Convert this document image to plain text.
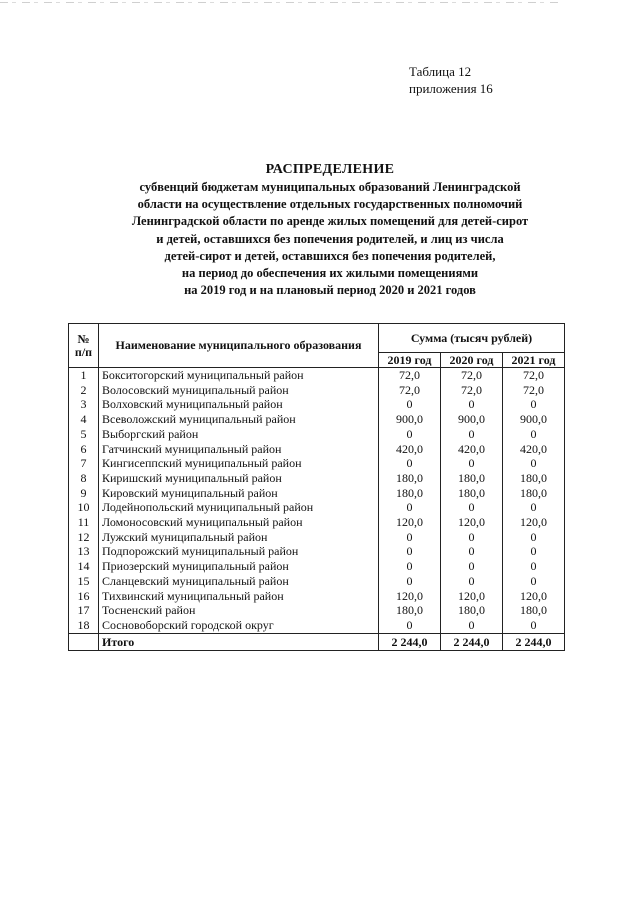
Таблица 12
приложения 16
РАСПРЕДЕЛЕНИЕ
субвенций бюджетам муниципальных образований Ленинградской
области на осуществление отдельных государственных полномочий
Ленинградской области по аренде жилых помещений для детей-сирот
и детей, оставшихся без попечения родителей, и лиц из числа
детей-сирот и детей, оставшихся без попечения родителей,
на период до обеспечения их жилыми помещениями
на 2019 год и на плановый период 2020 и 2021 годов
№ п/п	Наименование муниципального образования	Сумма (тысяч рублей)		
		2019 год	2020 год	2021 год
1	Бокситогорский муниципальный район	72,0	72,0	72,0
2	Волосовский муниципальный район	72,0	72,0	72,0
3	Волховский муниципальный район	0	0	0
4	Всеволожский муниципальный район	900,0	900,0	900,0
5	Выборгский район	0	0	0
6	Гатчинский муниципальный район	420,0	420,0	420,0
7	Кингисеппский муниципальный район	0	0	0
8	Киришский муниципальный район	180,0	180,0	180,0
9	Кировский муниципальный район	180,0	180,0	180,0
10	Лодейнопольский муниципальный район	0	0	0
11	Ломоносовский муниципальный район	120,0	120,0	120,0
12	Лужский муниципальный район	0	0	0
13	Подпорожский муниципальный район	0	0	0
14	Приозерский муниципальный район	0	0	0
15	Сланцевский муниципальный район	0	0	0
16	Тихвинский муниципальный район	120,0	120,0	120,0
17	Тосненский район	180,0	180,0	180,0
18	Сосновоборский городской округ	0	0	0
	Итого	2 244,0	2 244,0	2 244,0
